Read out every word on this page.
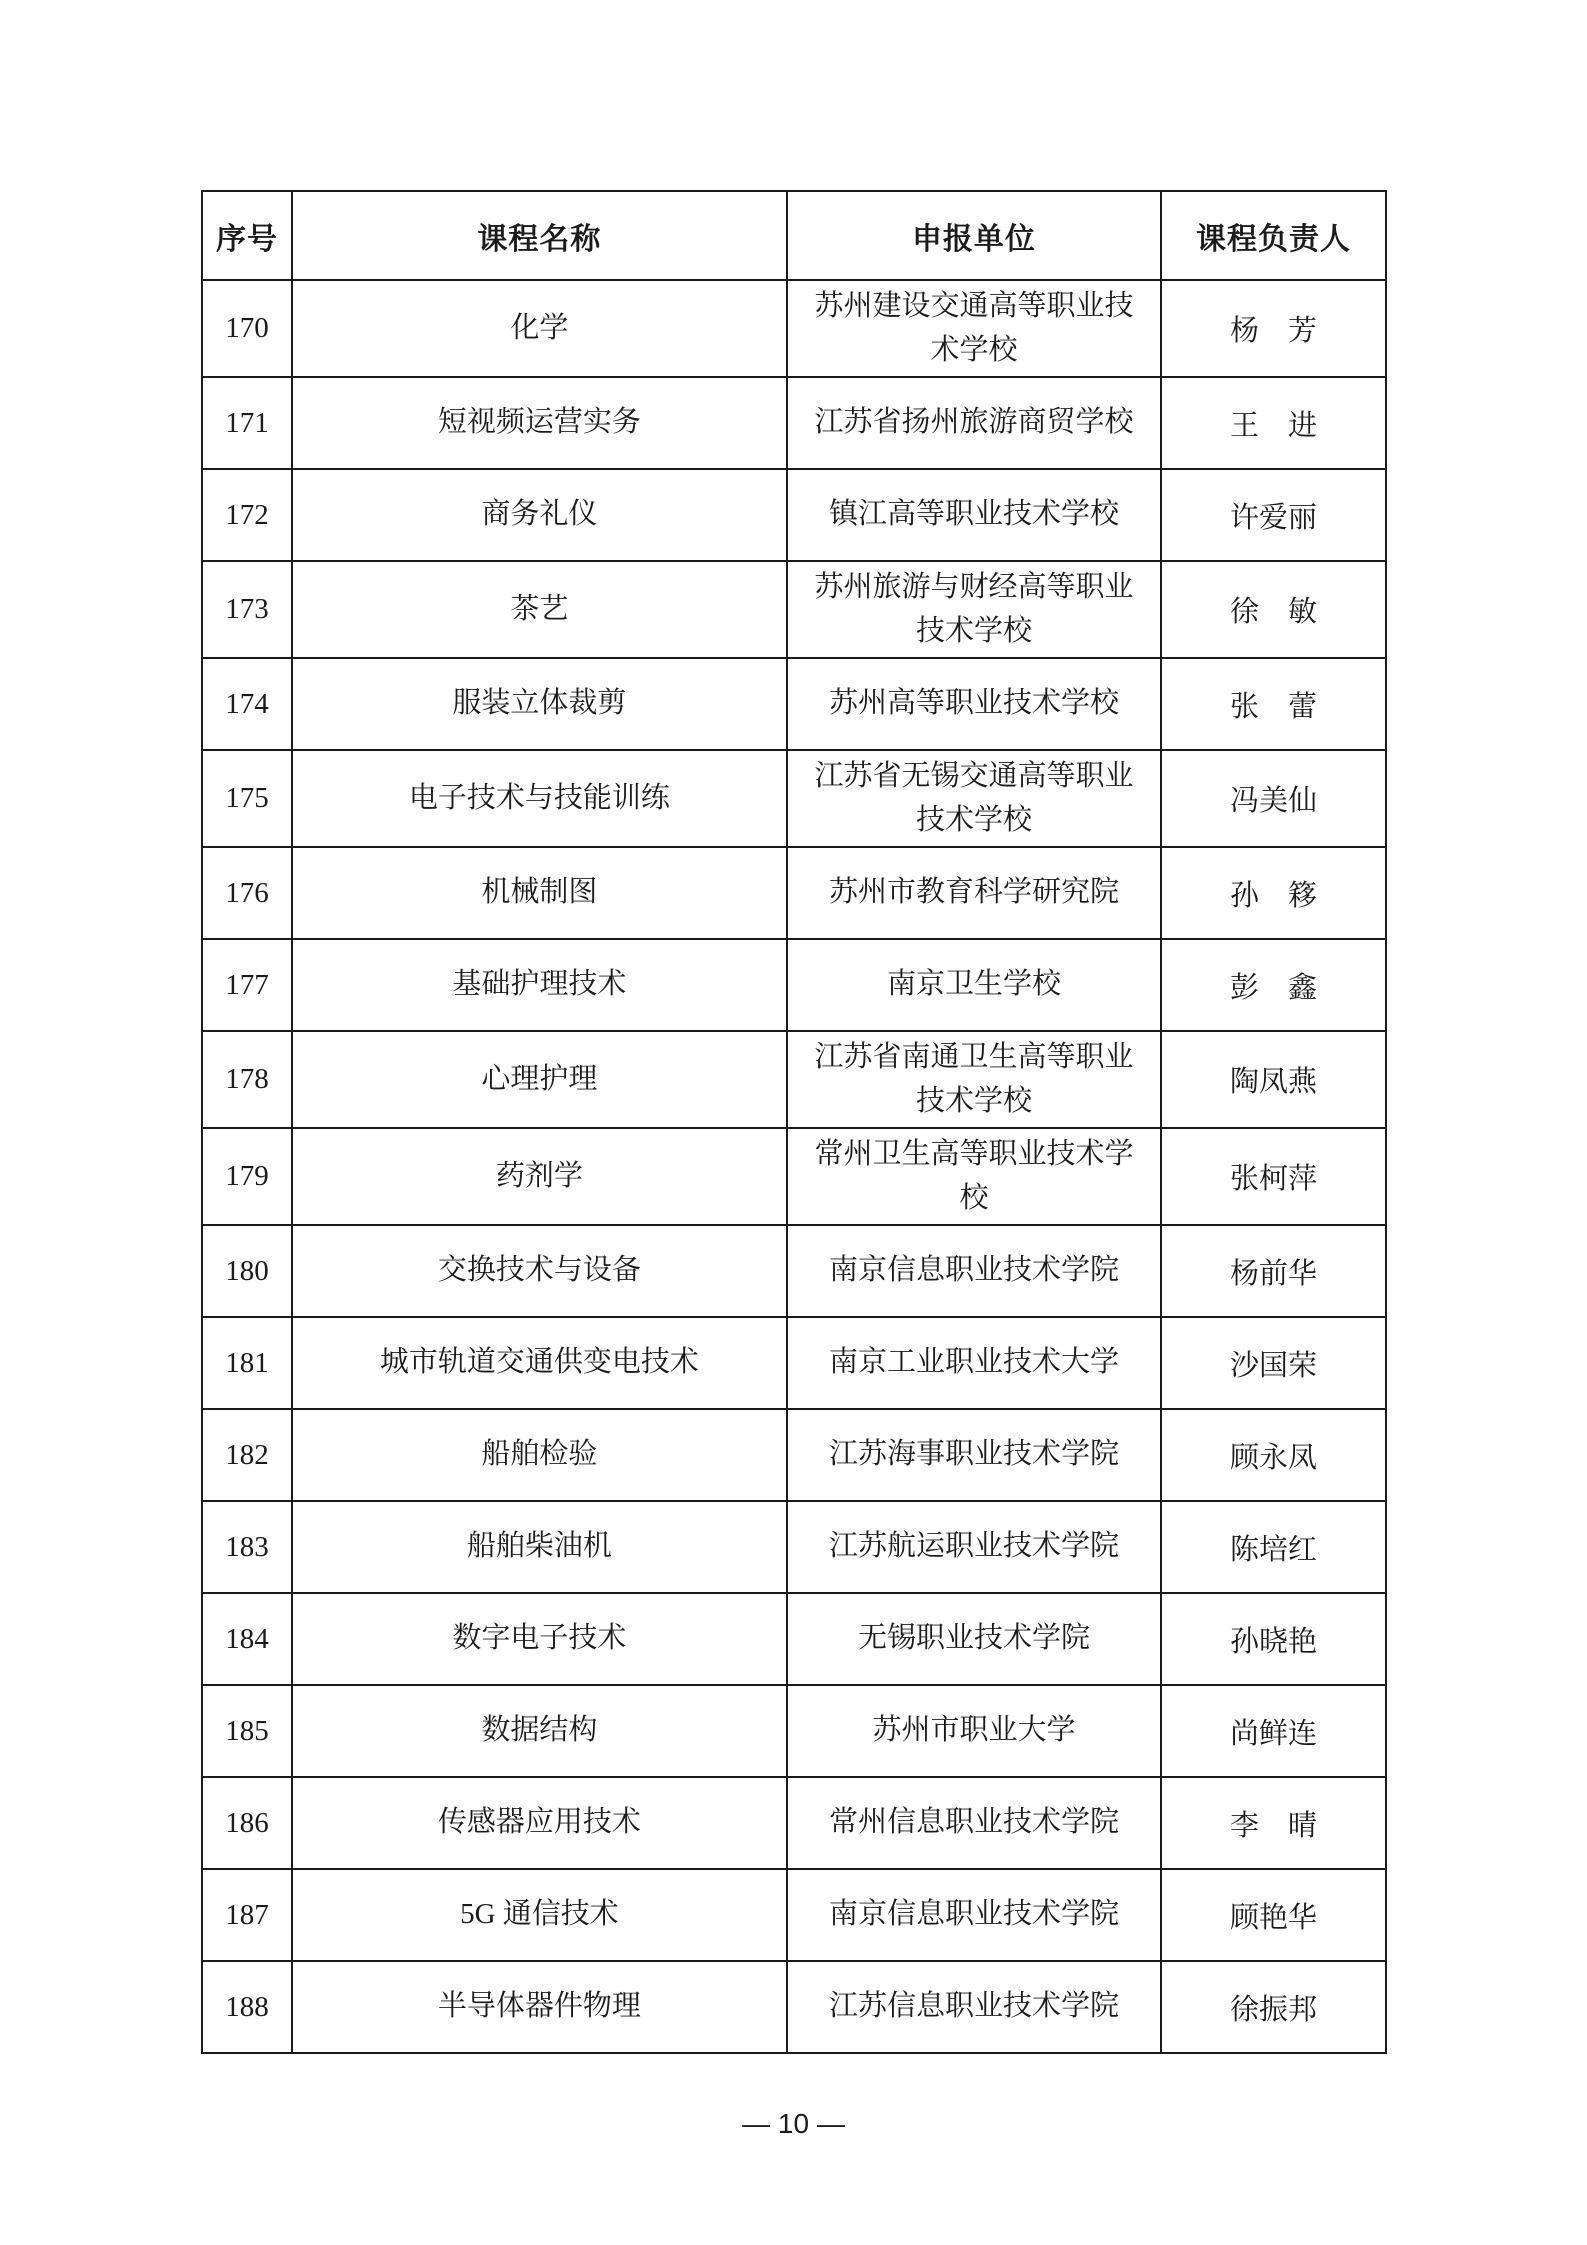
序号	课程名称	申报单位	课程负责人
170	化学	苏州建设交通高等职业技术学校	杨　芳
171	短视频运营实务	江苏省扬州旅游商贸学校	王　进
172	商务礼仪	镇江高等职业技术学校	许爱丽
173	茶艺	苏州旅游与财经高等职业技术学校	徐　敏
174	服装立体裁剪	苏州高等职业技术学校	张　蕾
175	电子技术与技能训练	江苏省无锡交通高等职业技术学校	冯美仙
176	机械制图	苏州市教育科学研究院	孙　簃
177	基础护理技术	南京卫生学校	彭　鑫
178	心理护理	江苏省南通卫生高等职业技术学校	陶凤燕
179	药剂学	常州卫生高等职业技术学校	张柯萍
180	交换技术与设备	南京信息职业技术学院	杨前华
181	城市轨道交通供变电技术	南京工业职业技术大学	沙国荣
182	船舶检验	江苏海事职业技术学院	顾永凤
183	船舶柴油机	江苏航运职业技术学院	陈培红
184	数字电子技术	无锡职业技术学院	孙晓艳
185	数据结构	苏州市职业大学	尚鲜连
186	传感器应用技术	常州信息职业技术学院	李　晴
187	5G 通信技术	南京信息职业技术学院	顾艳华
188	半导体器件物理	江苏信息职业技术学院	徐振邦
— 10 —
